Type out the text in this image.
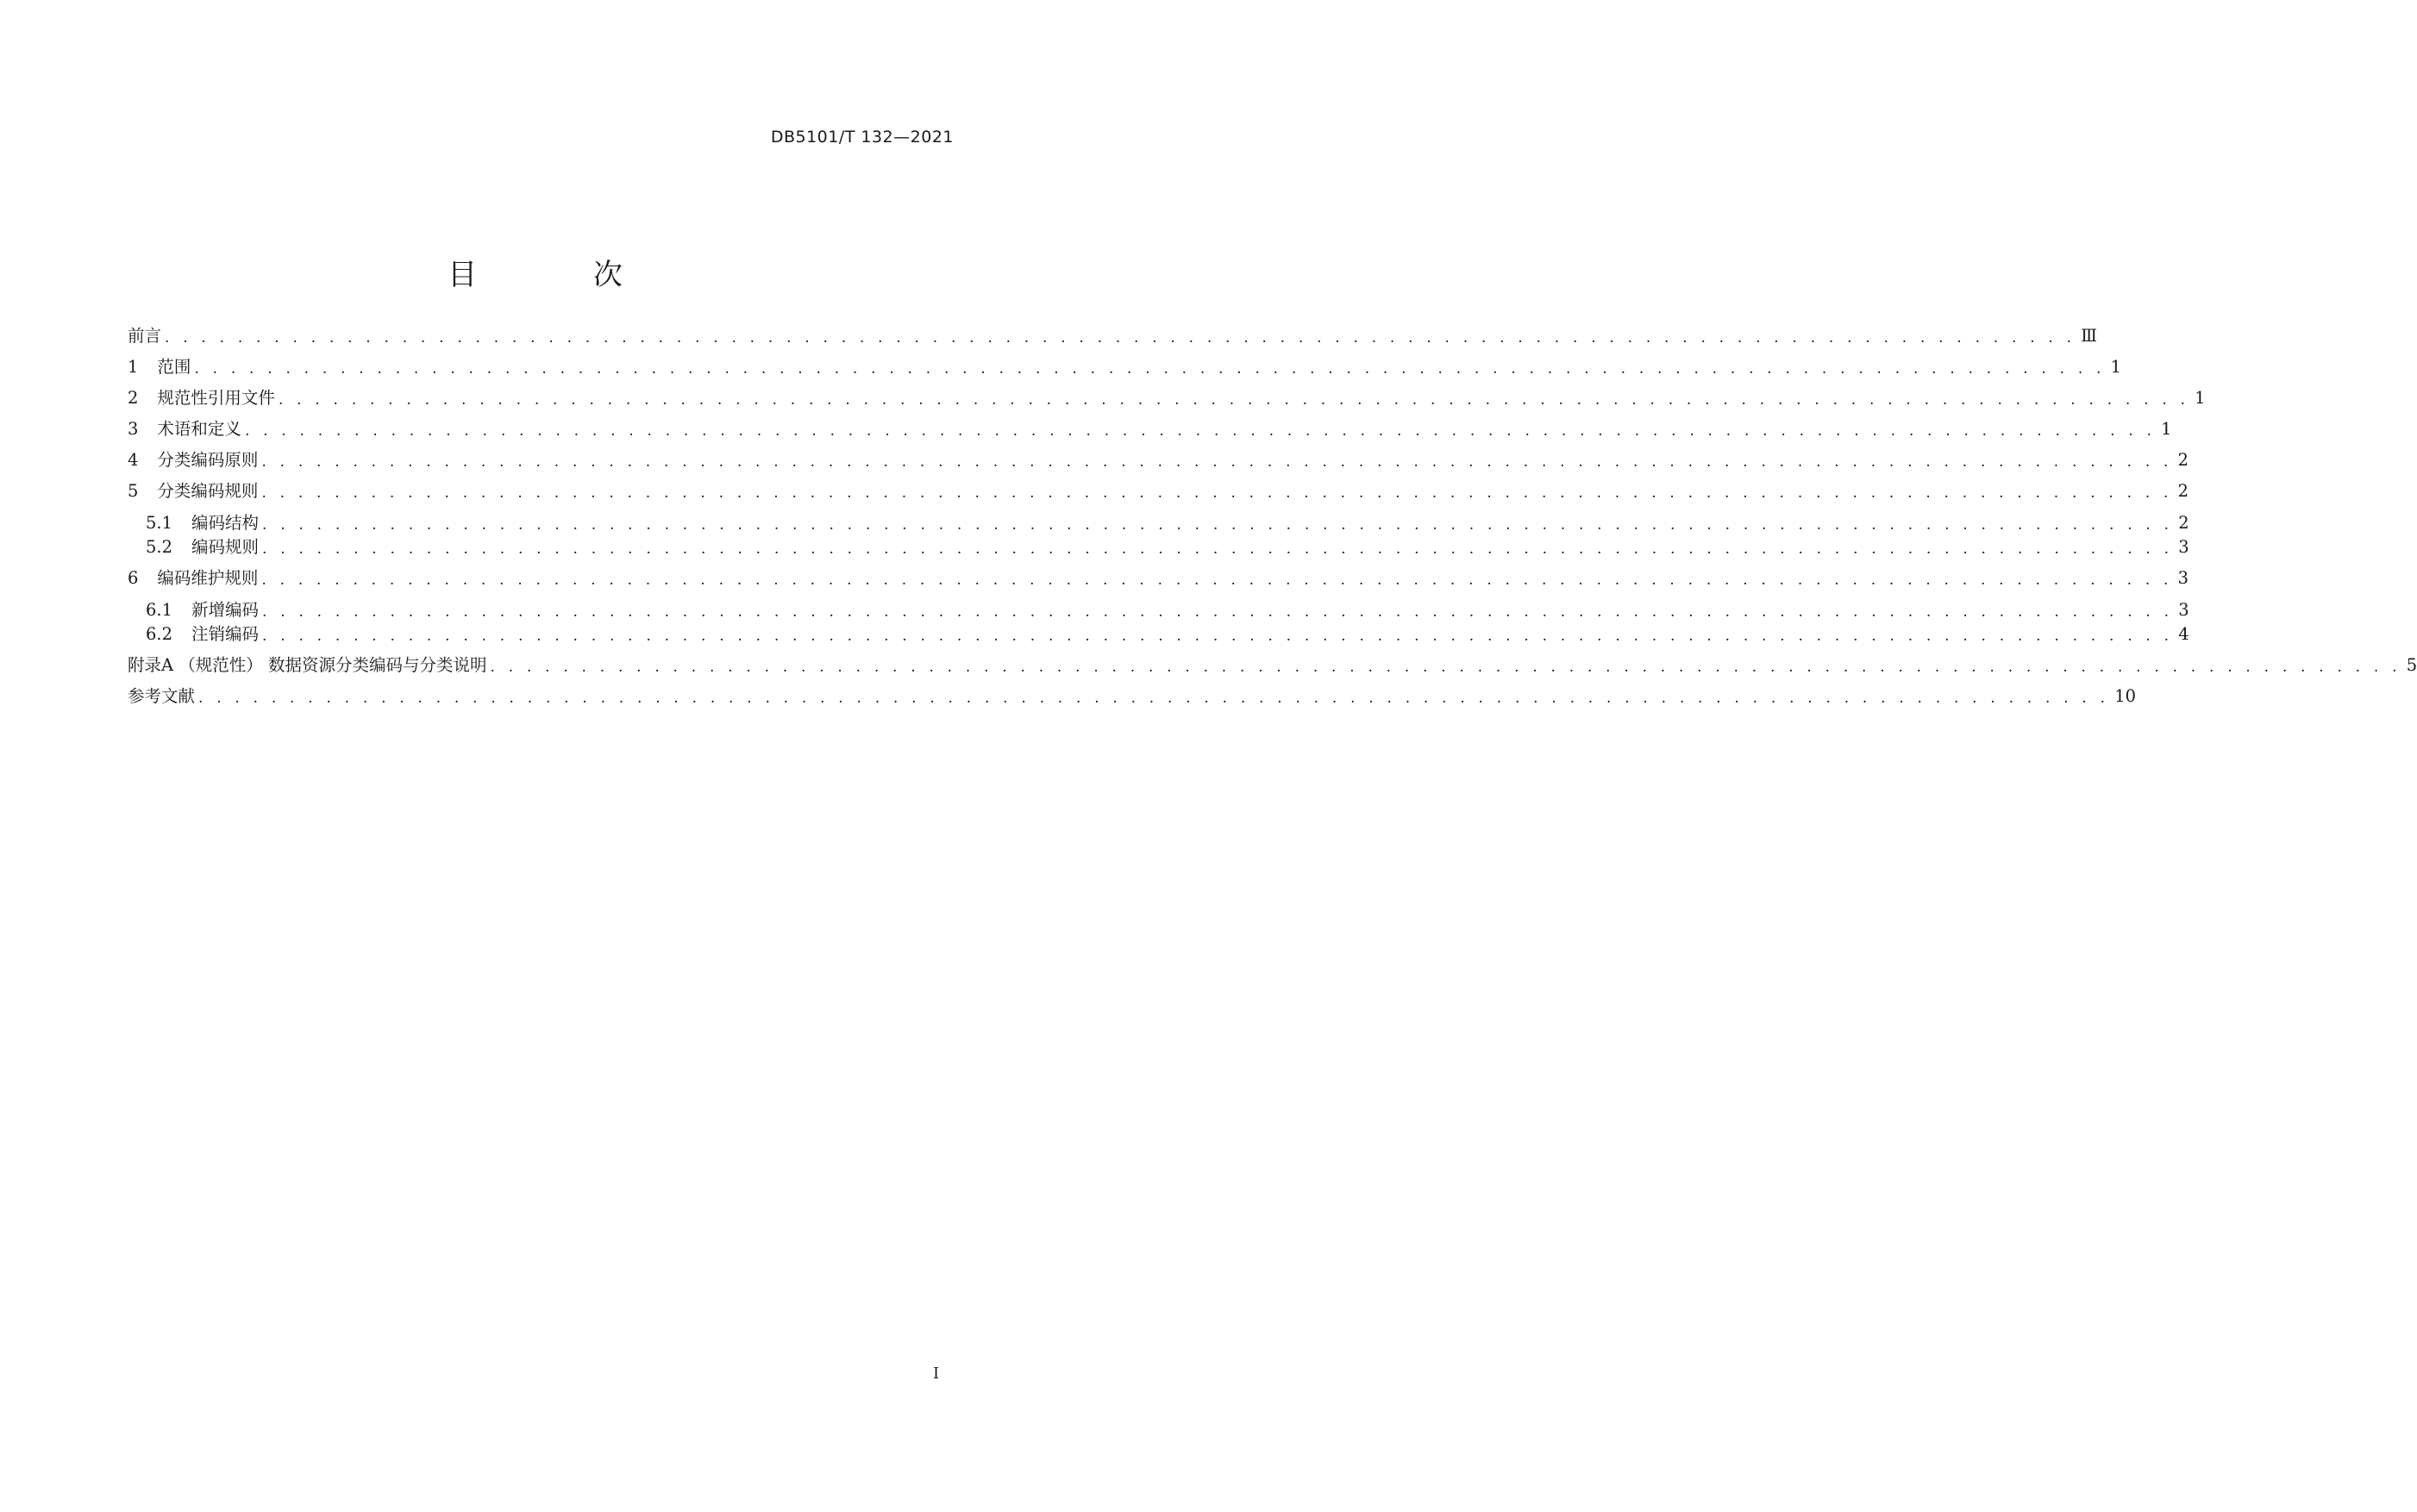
DB5101/T 132—2021
目 次
前言 . . . . . . . . . . . . . . . . . . . . . . . . . . . . . . . . . . . . . . . . . . . . . . . . . . . . . . . . . . . . . . . . . . . . . . . . . . . . . . . . . . . . . . . . . . . . . . . . . . . . . . . . . Ⅲ
1 范围 . . . . . . . . . . . . . . . . . . . . . . . . . . . . . . . . . . . . . . . . . . . . . . . . . . . . . . . . . . . . . . . . . . . . . . . . . . . . . . . . . . . . . . . . . . . . . . . . . . . . . . . . . 1
2 规范性引用文件 . . . . . . . . . . . . . . . . . . . . . . . . . . . . . . . . . . . . . . . . . . . . . . . . . . . . . . . . . . . . . . . . . . . . . . . . . . . . . . . . . . . . . . . . . . . . . . . . . . . . . . . . . 1
3 术语和定义 . . . . . . . . . . . . . . . . . . . . . . . . . . . . . . . . . . . . . . . . . . . . . . . . . . . . . . . . . . . . . . . . . . . . . . . . . . . . . . . . . . . . . . . . . . . . . . . . . . . . . . . . . 1
4 分类编码原则 . . . . . . . . . . . . . . . . . . . . . . . . . . . . . . . . . . . . . . . . . . . . . . . . . . . . . . . . . . . . . . . . . . . . . . . . . . . . . . . . . . . . . . . . . . . . . . . . . . . . . . . . . 2
5 分类编码规则 . . . . . . . . . . . . . . . . . . . . . . . . . . . . . . . . . . . . . . . . . . . . . . . . . . . . . . . . . . . . . . . . . . . . . . . . . . . . . . . . . . . . . . . . . . . . . . . . . . . . . . . . . 2
5.1 编码结构 . . . . . . . . . . . . . . . . . . . . . . . . . . . . . . . . . . . . . . . . . . . . . . . . . . . . . . . . . . . . . . . . . . . . . . . . . . . . . . . . . . . . . . . . . . . . . . . . . . . . . . . . . 2
5.2 编码规则 . . . . . . . . . . . . . . . . . . . . . . . . . . . . . . . . . . . . . . . . . . . . . . . . . . . . . . . . . . . . . . . . . . . . . . . . . . . . . . . . . . . . . . . . . . . . . . . . . . . . . . . . . 3
6 编码维护规则 . . . . . . . . . . . . . . . . . . . . . . . . . . . . . . . . . . . . . . . . . . . . . . . . . . . . . . . . . . . . . . . . . . . . . . . . . . . . . . . . . . . . . . . . . . . . . . . . . . . . . . . . . 3
6.1 新增编码 . . . . . . . . . . . . . . . . . . . . . . . . . . . . . . . . . . . . . . . . . . . . . . . . . . . . . . . . . . . . . . . . . . . . . . . . . . . . . . . . . . . . . . . . . . . . . . . . . . . . . . . . . 3
6.2 注销编码 . . . . . . . . . . . . . . . . . . . . . . . . . . . . . . . . . . . . . . . . . . . . . . . . . . . . . . . . . . . . . . . . . . . . . . . . . . . . . . . . . . . . . . . . . . . . . . . . . . . . . . . . . 4
附录A （规范性） 数据资源分类编码与分类说明 . . . . . . . . . . . . . . . . . . . . . . . . . . . . . . . . . . . . . . . . . . . . . . . . . . . . . . . . . . . . . . . . . . . . . . . . . . . . . . . . . . . . . . . . . . . . . . . . . . . . . . . . . 5
参考文献 . . . . . . . . . . . . . . . . . . . . . . . . . . . . . . . . . . . . . . . . . . . . . . . . . . . . . . . . . . . . . . . . . . . . . . . . . . . . . . . . . . . . . . . . . . . . . . . . . . . . . . . . . 10
I
